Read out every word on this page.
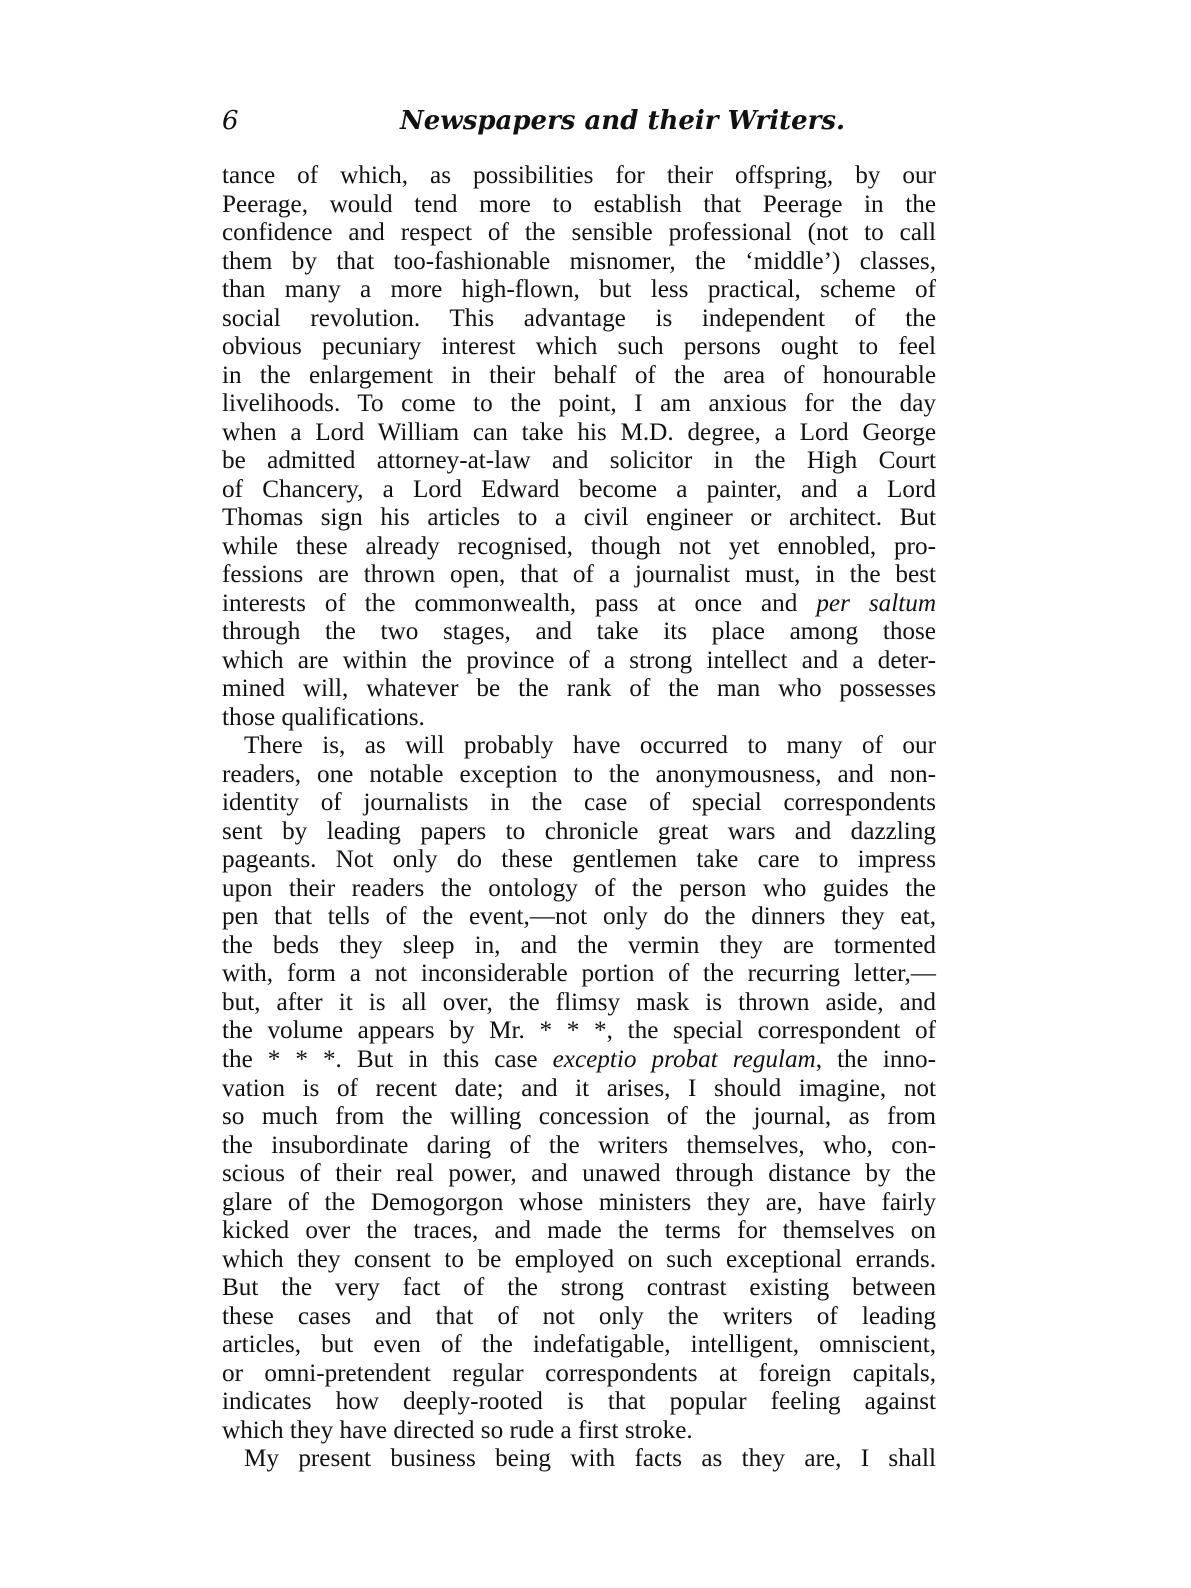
6	Newspapers and their Writers.

tance of which, as possibilities for their offspring, by our
Peerage, would tend more to establish that Peerage in the
confidence and respect of the sensible professional (not to call
them by that too-fashionable misnomer, the ‘middle’) classes,
than many a more high-flown, but less practical, scheme of
social revolution. This advantage is independent of the
obvious pecuniary interest which such persons ought to feel
in the enlargement in their behalf of the area of honourable
livelihoods. To come to the point, I am anxious for the day
when a Lord William can take his M.D. degree, a Lord George
be admitted attorney-at-law and solicitor in the High Court
of Chancery, a Lord Edward become a painter, and a Lord
Thomas sign his articles to a civil engineer or architect. But
while these already recognised, though not yet ennobled, pro-
fessions are thrown open, that of a journalist must, in the best
interests of the commonwealth, pass at once and per saltum
through the two stages, and take its place among those
which are within the province of a strong intellect and a deter-
mined will, whatever be the rank of the man who possesses
those qualifications.

There is, as will probably have occurred to many of our
readers, one notable exception to the anonymousness, and non-
identity of journalists in the case of special correspondents
sent by leading papers to chronicle great wars and dazzling
pageants. Not only do these gentlemen take care to impress
upon their readers the ontology of the person who guides the
pen that tells of the event,—not only do the dinners they eat,
the beds they sleep in, and the vermin they are tormented
with, form a not inconsiderable portion of the recurring letter,—
but, after it is all over, the flimsy mask is thrown aside, and
the volume appears by Mr. * * *, the special correspondent of
the * * *. But in this case exceptio probat regulam, the inno-
vation is of recent date; and it arises, I should imagine, not
so much from the willing concession of the journal, as from
the insubordinate daring of the writers themselves, who, con-
scious of their real power, and unawed through distance by the
glare of the Demogorgon whose ministers they are, have fairly
kicked over the traces, and made the terms for themselves on
which they consent to be employed on such exceptional errands.
But the very fact of the strong contrast existing between
these cases and that of not only the writers of leading
articles, but even of the indefatigable, intelligent, omniscient,
or omni-pretendent regular correspondents at foreign capitals,
indicates how deeply-rooted is that popular feeling against
which they have directed so rude a first stroke.

My present business being with facts as they are, I shall
